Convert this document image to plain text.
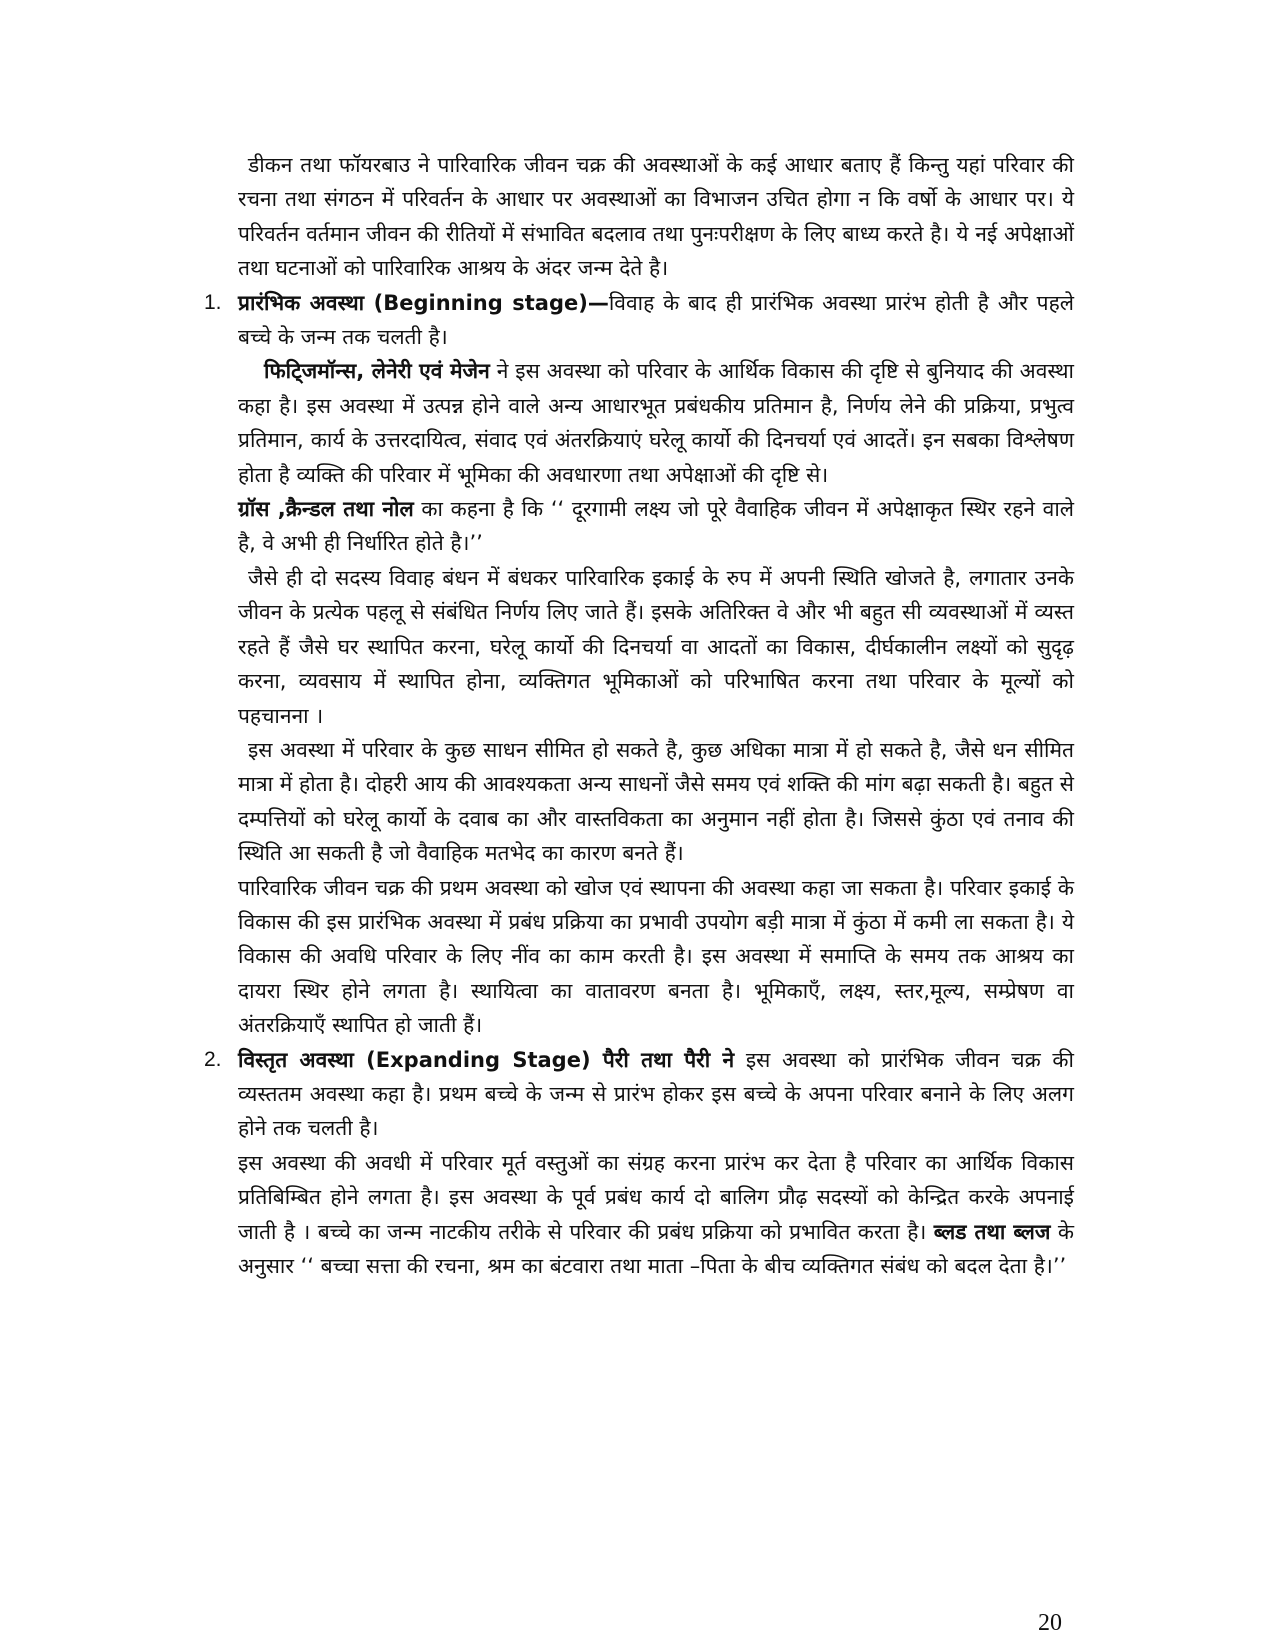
डीकन तथा फॉयरबाउ ने पारिवारिक जीवन चक्र की अवस्थाओं के कई आधार बताए हैं किन्तु यहां परिवार की रचना तथा संगठन में परिवर्तन के आधार पर अवस्थाओं का विभाजन उचित होगा न कि वर्षो के आधार पर। ये परिवर्तन वर्तमान जीवन की रीतियों में संभावित बदलाव तथा पुनःपरीक्षण के लिए बाध्य करते है। ये नई अपेक्षाओं तथा घटनाओं को पारिवारिक आश्रय के अंदर जन्म देते है।

1. प्रारंभिक अवस्था (Beginning stage)—विवाह के बाद ही प्रारंभिक अवस्था प्रारंभ होती है और पहले बच्चे के जन्म तक चलती है।

फिटि्जमॉन्स, लेनेरी एवं मेजेन ने इस अवस्था को परिवार के आर्थिक विकास की दृष्टि से बुनियाद की अवस्था कहा है। इस अवस्था में उत्पन्न होने वाले अन्य आधारभूत प्रबंधकीय प्रतिमान है, निर्णय लेने की प्रक्रिया, प्रभुत्व प्रतिमान, कार्य के उत्तरदायित्व, संवाद एवं अंतरक्रियाएं घरेलू कार्यो की दिनचर्या एवं आदतें। इन सबका विश्लेषण होता है व्यक्ति की परिवार में भूमिका की अवधारणा तथा अपेक्षाओं की दृष्टि से।

ग्रॉस ,क्रैन्डल तथा नोल का कहना है कि ‘‘ दूरगामी लक्ष्य जो पूरे वैवाहिक जीवन में अपेक्षाकृत स्थिर रहने वाले है, वे अभी ही निर्धारित होते है।’’

जैसे ही दो सदस्य विवाह बंधन में बंधकर पारिवारिक इकाई के रुप में अपनी स्थिति खोजते है, लगातार उनके जीवन के प्रत्येक पहलू से संबंधित निर्णय लिए जाते हैं। इसके अतिरिक्त वे और भी बहुत सी व्यवस्थाओं में व्यस्त रहते हैं जैसे घर स्थापित करना, घरेलू कार्यो की दिनचर्या वा आदतों का विकास, दीर्घकालीन लक्ष्यों को सुदृढ़ करना, व्यवसाय में स्थापित होना, व्यक्तिगत भूमिकाओं को परिभाषित करना तथा परिवार के मूल्यों को पहचानना ।

इस अवस्था में परिवार के कुछ साधन सीमित हो सकते है, कुछ अधिका मात्रा में हो सकते है, जैसे धन सीमित मात्रा में होता है। दोहरी आय की आवश्यकता अन्य साधनों जैसे समय एवं शक्ति की मांग बढ़ा सकती है। बहुत से दम्पत्तियों को घरेलू कार्यो के दवाब का और वास्तविकता का अनुमान नहीं होता है। जिससे कुंठा एवं तनाव की स्थिति आ सकती है जो वैवाहिक मतभेद का कारण बनते हैं।

पारिवारिक जीवन चक्र की प्रथम अवस्था को खोज एवं स्थापना की अवस्था कहा जा सकता है। परिवार इकाई के विकास की इस प्रारंभिक अवस्था में प्रबंध प्रक्रिया का प्रभावी उपयोग बड़ी मात्रा में कुंठा में कमी ला सकता है। ये विकास की अवधि परिवार के लिए नींव का काम करती है। इस अवस्था में समाप्ति के समय तक आश्रय का दायरा स्थिर होने लगता है। स्थायित्वा का वातावरण बनता है। भूमिकाएँ, लक्ष्य, स्तर,मूल्य, सम्प्रेषण वा अंतरक्रियाएँ स्थापित हो जाती हैं।

2. विस्तृत अवस्था (Expanding Stage) पैरी तथा पैरी ने इस अवस्था को प्रारंभिक जीवन चक्र की व्यस्ततम अवस्था कहा है। प्रथम बच्चे के जन्म से प्रारंभ होकर इस बच्चे के अपना परिवार बनाने के लिए अलग होने तक चलती है।

इस अवस्था की अवधी में परिवार मूर्त वस्तुओं का संग्रह करना प्रारंभ कर देता है परिवार का आर्थिक विकास प्रतिबिम्बित होने लगता है। इस अवस्था के पूर्व प्रबंध कार्य दो बालिग प्रौढ़ सदस्यों को केन्द्रित करके अपनाई जाती है । बच्चे का जन्म नाटकीय तरीके से परिवार की प्रबंध प्रक्रिया को प्रभावित करता है। ब्लड तथा ब्लज के अनुसार ‘‘ बच्चा सत्ता की रचना, श्रम का बंटवारा तथा माता –पिता के बीच व्यक्तिगत संबंध को बदल देता है।’’

20
